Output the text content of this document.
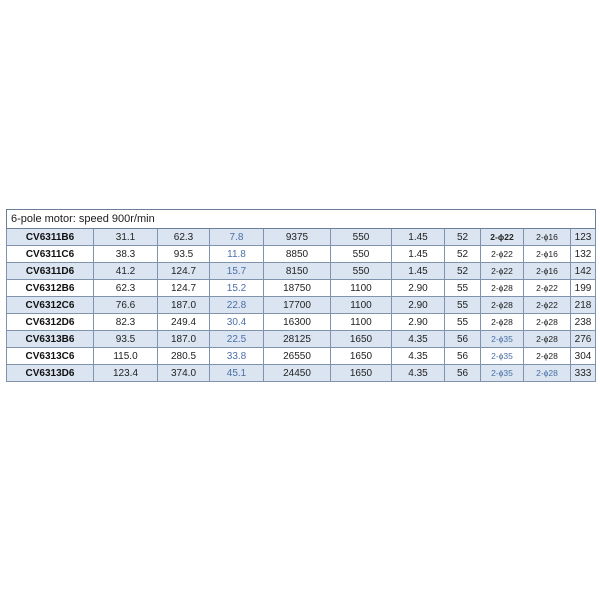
6-pole motor: speed 900r/min										
CV6311B6	31.1	62.3	7.8	9375	550	1.45	52	2-ϕ22	2-ϕ16	123
CV6311C6	38.3	93.5	11.8	8850	550	1.45	52	2-ϕ22	2-ϕ16	132
CV6311D6	41.2	124.7	15.7	8150	550	1.45	52	2-ϕ22	2-ϕ16	142
CV6312B6	62.3	124.7	15.2	18750	1100	2.90	55	2-ϕ28	2-ϕ22	199
CV6312C6	76.6	187.0	22.8	17700	1100	2.90	55	2-ϕ28	2-ϕ22	218
CV6312D6	82.3	249.4	30.4	16300	1100	2.90	55	2-ϕ28	2-ϕ28	238
CV6313B6	93.5	187.0	22.5	28125	1650	4.35	56	2-ϕ35	2-ϕ28	276
CV6313C6	115.0	280.5	33.8	26550	1650	4.35	56	2-ϕ35	2-ϕ28	304
CV6313D6	123.4	374.0	45.1	24450	1650	4.35	56	2-ϕ35	2-ϕ28	333
